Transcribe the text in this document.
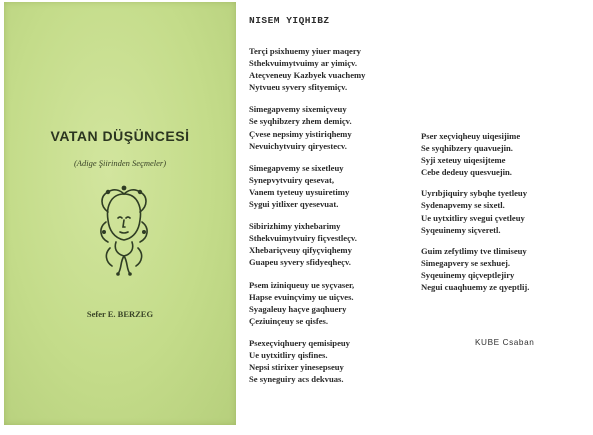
VATAN DÜŞÜNCESİ
(Adige Şiirinden Seçmeler)
Sefer E. BERZEG
NISEM YIQHIBZ
Terçi psixhuemy yiuer maqery
Sthekvuimytvuimy ar yimiçv.
Ateçveneuy Kazbyek vuachemy
Nytvueu syvery sfityemiçv.
Simegapvemy sixemiçveuy
Se syqhibzery zhem demiçv.
Çvese nepsimy yistiriqhemy
Nevuichytvuiry qiryestecv.
Simegapvemy se sixetleuy
Synepvytvuiry qesevat,
Vanem tyeteuy uysuiretimy
Sygui yitlixer qyesevuat.
Sibirizhimy yixhebarimy
Sthekvuimytvuiry fiçvestleçv.
Xhebariçveuy qifyçviqhemy
Guapeu syvery sfidyeqheçv.
Psem iziniqueuy ue syçvaser,
Hapse evuinçvimy ue uiçves.
Syagaleuy haçve gaqhuery
Çeziuinçeuy se qisfes.
Psexeçviqhuery qemisipeuy
Ue uytxitliry qisfines.
Nepsi stirixer yinesepseuy
Se syneguiry acs dekvuas.
Pser xeçviqheuy uiqesijime
Se syqhibzery quavuejin.
Syji xeteuy uiqesijteme
Cebe dedeuy quesvuejin.
Uyrıbjiquiry sybqhe tyetleuy
Sydenapvemy se sixetl.
Ue uytxitliry svegui çvetleuy
Syqeuinemy siçveretl.
Guim zefytlimy tve tlimiseuy
Simegapvery se sexhuej.
Syqeuinemy qiçveptlejiry
Negui cuaqhuemy ze qyeptlij.
KUBE Csaban
